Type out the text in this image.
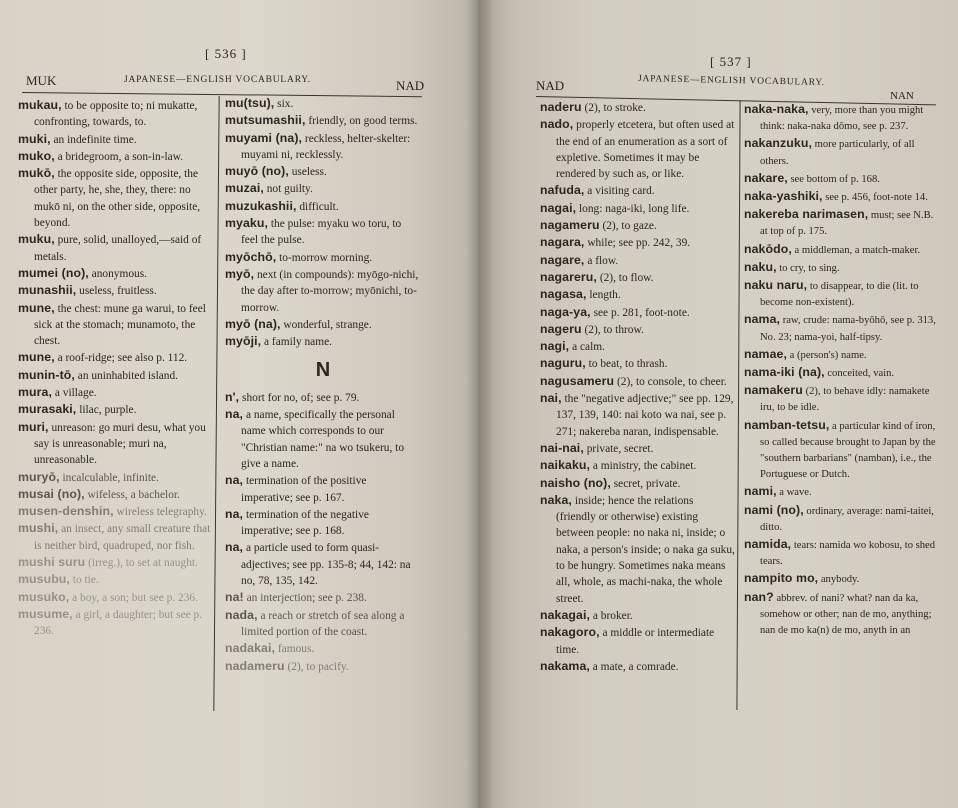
[ 536 ]
MUK	JAPANESE—ENGLISH VOCABULARY.	NAD

mukau, to be opposite to; ni mukatte, confronting, towards, to.

muki, an indefinite time.

muko, a bridegroom, a son-in-law.

mukō, the opposite side, opposite, the other party, he, she, they, there: no mukō ni, on the other side, opposite, beyond.

muku, pure, solid, unalloyed,—said of metals.

mumei (no), anonymous.

munashii, useless, fruitless.

mune, the chest: mune ga warui, to feel sick at the stomach; munamoto, the chest.

mune, a roof-ridge; see also p. 112.

munin-tō, an uninhabited island.

mura, a village.

murasaki, lilac, purple.

muri, unreason: go muri desu, what you say is unreasonable; muri na, unreasonable.

muryō, incalculable, infinite.

musai (no), wifeless, a bachelor.

musen-denshin, wireless telegraphy.

mushi, an insect, any small creature that is neither bird, quadruped, nor fish.

mushi suru (irreg.), to set at naught.

musubu, to tie.

musuko, a boy, a son; but see p. 236.

musume, a girl, a daughter; but see p. 236.

mu(tsu), six.

mutsumashii, friendly, on good terms.

muyami (na), reckless, helter-skelter: muyami ni, recklessly.

muyō (no), useless.

muzai, not guilty.

muzukashii, difficult.

myaku, the pulse: myaku wo toru, to feel the pulse.

myōchō, to-morrow morning.

myō, next (in compounds): myōgo-nichi, the day after to-morrow; myōnichi, to-morrow.

myō (na), wonderful, strange.

myōji, a family name.

N

n', short for no, of; see p. 79.

na, a name, specifically the personal name which corresponds to our "Christian name:" na wo tsukeru, to give a name.

na, termination of the positive imperative; see p. 167.

na, termination of the negative imperative; see p. 168.

na, a particle used to form quasi-adjectives; see pp. 135-8; 44, 142: na no, 78, 135, 142.

na! an interjection; see p. 238.

nada, a reach or stretch of sea along a limited portion of the coast.

nadakai, famous.

nadameru (2), to pacify.

[ 537 ]
NAD	JAPANESE—ENGLISH VOCABULARY.
NAN

naderu (2), to stroke.

nado, properly etcetera, but often used at the end of an enumeration as a sort of expletive. Sometimes it may be rendered by such as, or like.

nafuda, a visiting card.

nagai, long: naga-iki, long life.

nagameru (2), to gaze.

nagara, while; see pp. 242, 39.

nagare, a flow.

nagareru, (2), to flow.

nagasa, length.

naga-ya, see p. 281, foot-note.

nageru (2), to throw.

nagi, a calm.

naguru, to beat, to thrash.

nagusameru (2), to console, to cheer.

nai, the "negative adjective;" see pp. 129, 137, 139, 140: nai koto wa nai, see p. 271; nakereba naran, indispensable.

nai-nai, private, secret.

naikaku, a ministry, the cabinet.

naisho (no), secret, private.

naka, inside; hence the relations (friendly or otherwise) existing between people: no naka ni, inside; o naka, a person's inside; o naka ga suku, to be hungry. Sometimes naka means all, whole, as machi-naka, the whole street.

nakagai, a broker.

nakagoro, a middle or intermediate time.

nakama, a mate, a comrade.

naka-naka, very, more than you might think: naka-naka dōmo, see p. 237.

nakanzuku, more particularly, of all others.

nakare, see bottom of p. 168.

naka-yashiki, see p. 456, foot-note 14.

nakereba narimasen, must; see N.B. at top of p. 175.

nakōdo, a middleman, a match-maker.

naku, to cry, to sing.

naku naru, to disappear, to die (lit. to become non-existent).

nama, raw, crude: nama-byōhō, see p. 313, No. 23; nama-yoi, half-tipsy.

namae, a (person's) name.

nama-iki (na), conceited, vain.

namakeru (2), to behave idly: namakete iru, to be idle.

namban-tetsu, a particular kind of iron, so called because brought to Japan by the "southern barbarians" (namban), i.e., the Portuguese or Dutch.

nami, a wave.

nami (no), ordinary, average: nami-taitei, ditto.

namida, tears: namida wo kobosu, to shed tears.

nampito mo, anybody.

nan? abbrev. of nani? what? nan da ka, somehow or other; nan de mo, anything; nan de mo ka(n) de mo, anyth in an
